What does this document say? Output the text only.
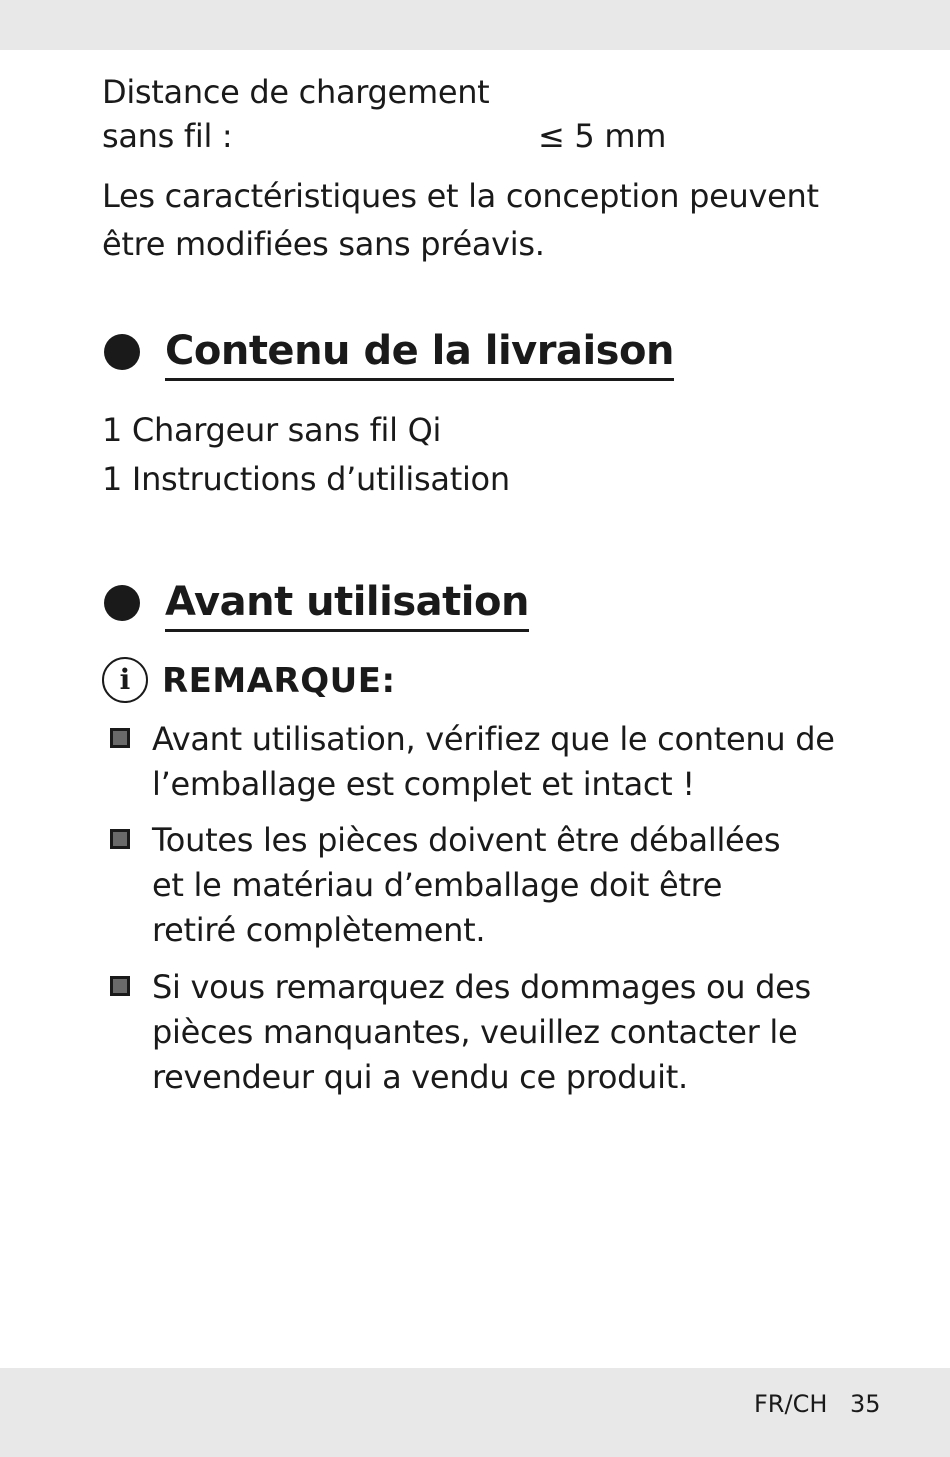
Distance de chargement
sans fil :	≤ 5 mm
Les caractéristiques et la conception peuvent être modifiées sans préavis.
Contenu de la livraison
1 Chargeur sans fil Qi
1 Instructions d’utilisation
Avant utilisation
i REMARQUE:
Avant utilisation, vérifiez que le contenu de l’emballage est complet et intact !
Toutes les pièces doivent être déballées et le matériau d’emballage doit être retiré complètement.
Si vous remarquez des dommages ou des pièces manquantes, veuillez contacter le revendeur qui a vendu ce produit.
FR/CH 35
